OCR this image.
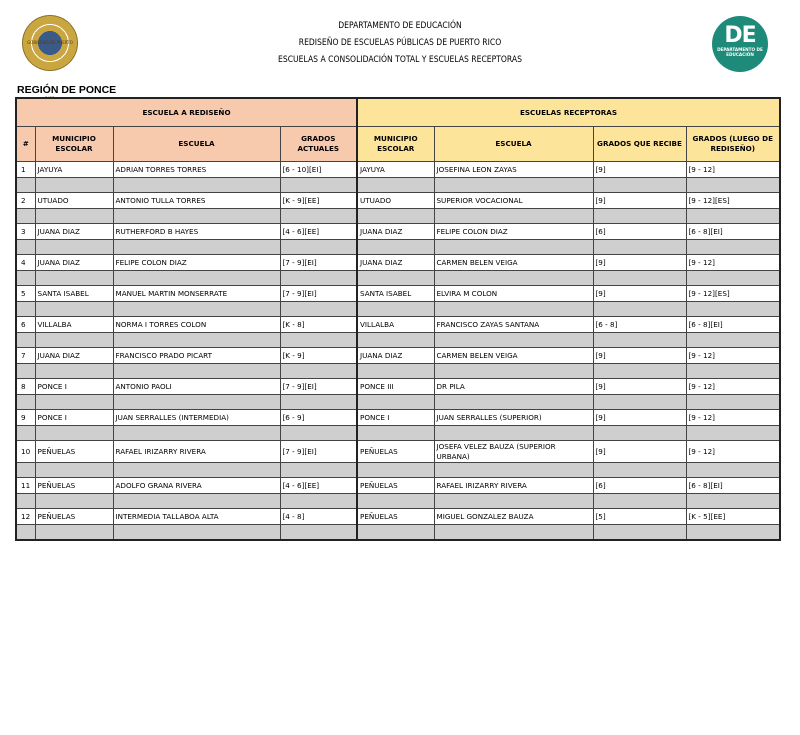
GOBIERNO DE PUERTO
DEPARTAMENTO DE EDUCACIÓN
REDISEÑO DE ESCUELAS PÚBLICAS DE PUERTO RICO
ESCUELAS A CONSOLIDACIÓN TOTAL Y ESCUELAS RECEPTORAS
DE
DEPARTAMENTO DE
EDUCACIÓN
REGIÓN DE PONCE
ESCUELA A REDISEÑO				ESCUELAS RECEPTORAS			
#	MUNICIPIO ESCOLAR	ESCUELA	GRADOS ACTUALES	MUNICIPIO ESCOLAR	ESCUELA	GRADOS QUE RECIBE	GRADOS (LUEGO DE REDISEÑO)
1	JAYUYA	ADRIAN TORRES TORRES	[6 - 10][EI]	JAYUYA	JOSEFINA LEON ZAYAS	[9]	[9 - 12]

2	UTUADO	ANTONIO TULLA TORRES	[K - 9][EE]	UTUADO	SUPERIOR VOCACIONAL	[9]	[9 - 12][ES]

3	JUANA DIAZ	RUTHERFORD B HAYES	[4 - 6][EE]	JUANA DIAZ	FELIPE COLON DIAZ	[6]	[6 - 8][EI]

4	JUANA DIAZ	FELIPE COLON DIAZ	[7 - 9][EI]	JUANA DIAZ	CARMEN BELEN VEIGA	[9]	[9 - 12]

5	SANTA ISABEL	MANUEL MARTIN MONSERRATE	[7 - 9][EI]	SANTA ISABEL	ELVIRA M COLON	[9]	[9 - 12][ES]

6	VILLALBA	NORMA I TORRES COLON	[K - 8]	VILLALBA	FRANCISCO ZAYAS SANTANA	[6 - 8]	[6 - 8][EI]

7	JUANA DIAZ	FRANCISCO PRADO PICART	[K - 9]	JUANA DIAZ	CARMEN BELEN VEIGA	[9]	[9 - 12]

8	PONCE I	ANTONIO PAOLI	[7 - 9][EI]	PONCE III	DR PILA	[9]	[9 - 12]

9	PONCE I	JUAN SERRALLES (INTERMEDIA)	[6 - 9]	PONCE I	JUAN SERRALLES (SUPERIOR)	[9]	[9 - 12]

10	PEÑUELAS	RAFAEL IRIZARRY RIVERA	[7 - 9][EI]	PEÑUELAS	JOSEFA VELEZ BAUZA (SUPERIOR URBANA)	[9]	[9 - 12]

11	PEÑUELAS	ADOLFO GRANA RIVERA	[4 - 6][EE]	PEÑUELAS	RAFAEL IRIZARRY RIVERA	[6]	[6 - 8][EI]

12	PEÑUELAS	INTERMEDIA TALLABOA ALTA	[4 - 8]	PEÑUELAS	MIGUEL GONZALEZ BAUZA	[5]	[K - 5][EE]
